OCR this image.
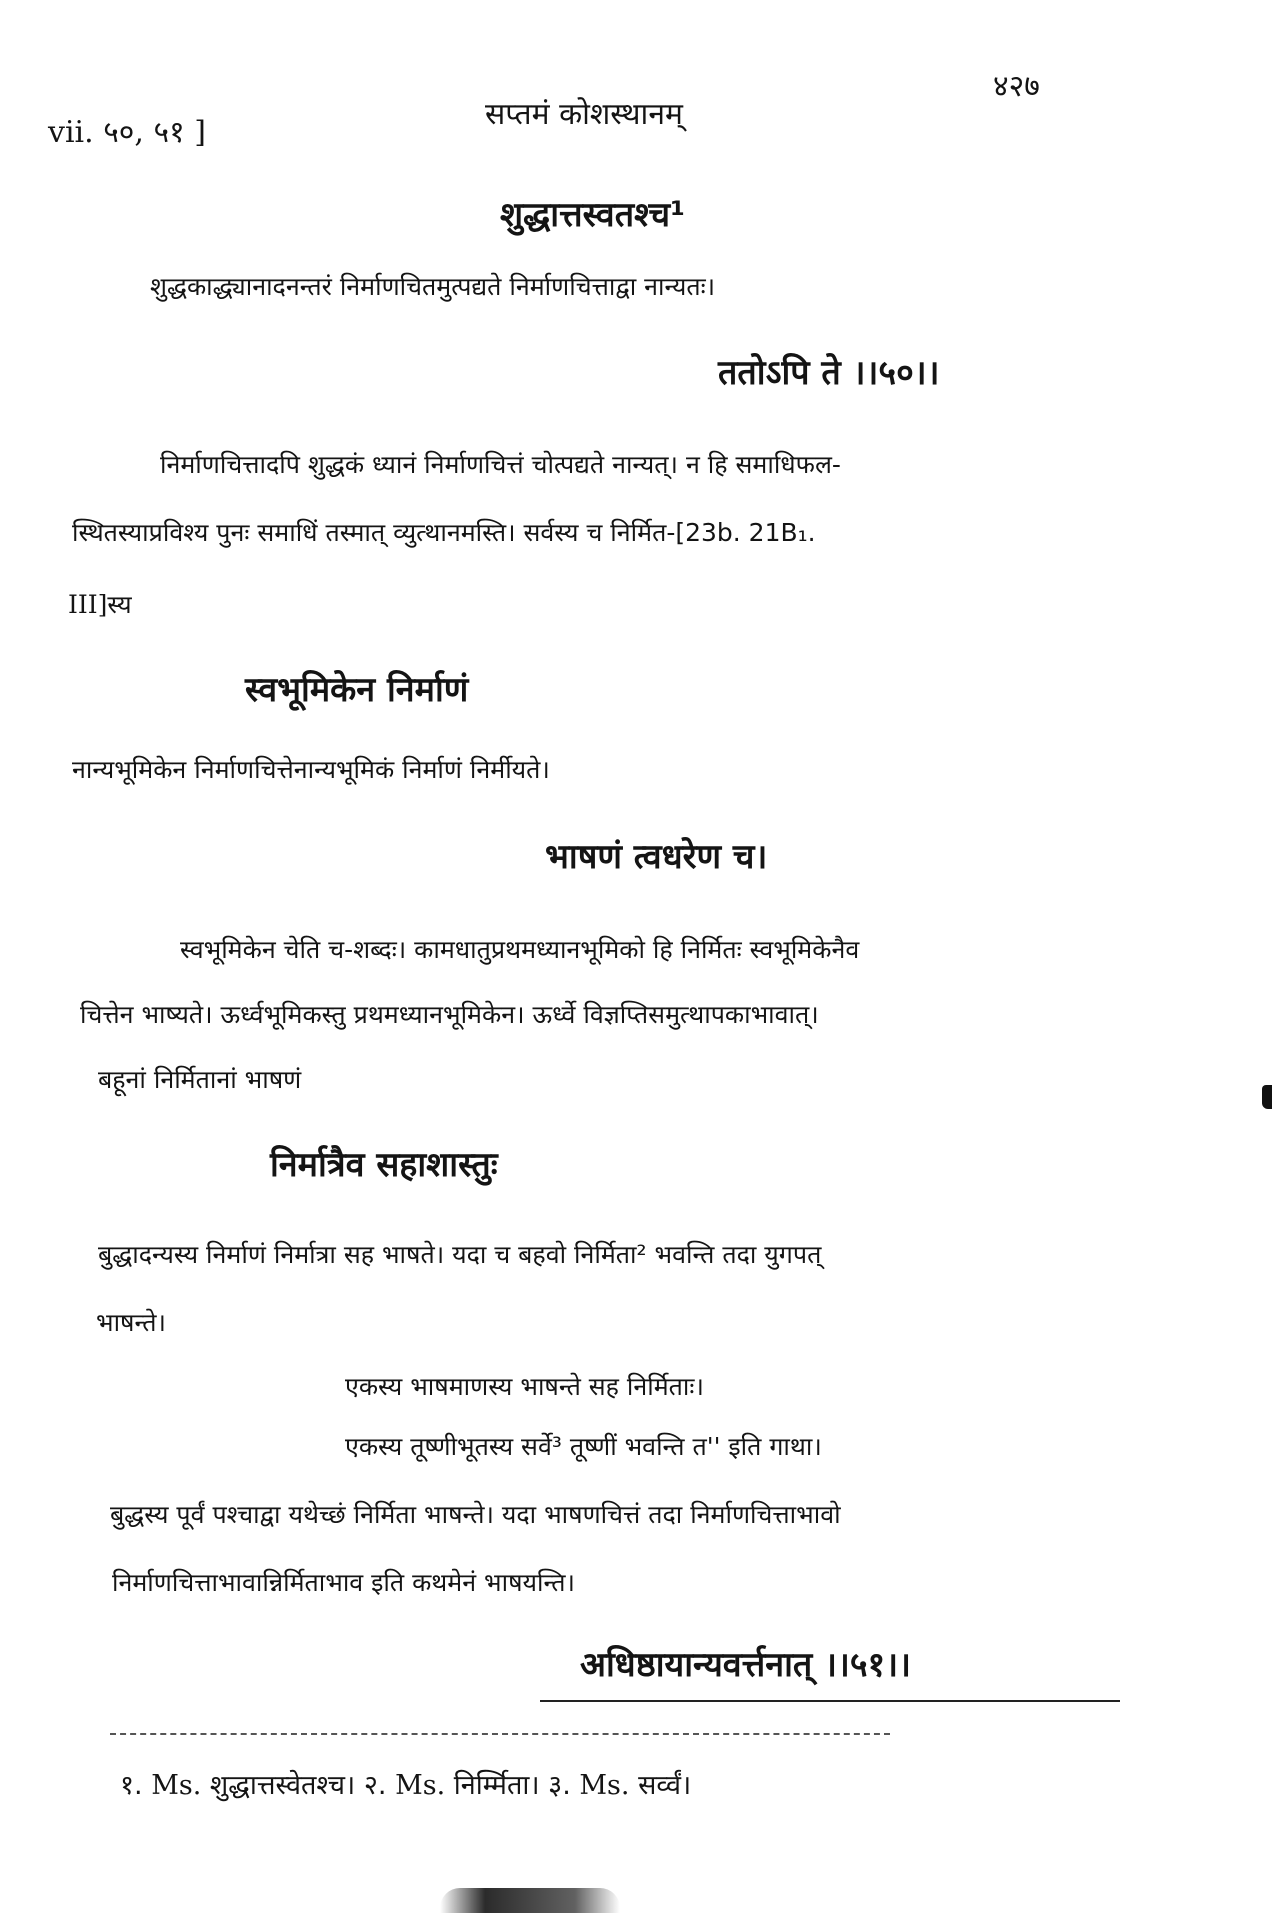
vii. ५०, ५१ ]
सप्तमं कोशस्थानम्
४२७
शुद्धात्तस्वतश्च¹
शुद्धकाद्ध्यानादनन्तरं निर्माणचितमुत्पद्यते निर्माणचित्ताद्वा नान्यतः।
ततोऽपि ते ।।५०।।
निर्माणचित्तादपि शुद्धकं ध्यानं निर्माणचित्तं चोत्पद्यते नान्यत्। न हि समाधिफल-
स्थितस्याप्रविश्य पुनः समाधिं तस्मात् व्युत्थानमस्ति। सर्वस्य च निर्मित-[23b. 21B₁.
III]स्य
स्वभूमिकेन निर्माणं
नान्यभूमिकेन निर्माणचित्तेनान्यभूमिकं निर्माणं निर्मीयते।
भाषणं त्वधरेण च।
स्वभूमिकेन चेति च-शब्दः। कामधातुप्रथमध्यानभूमिको हि निर्मितः स्वभूमिकेनैव
चित्तेन भाष्यते। ऊर्ध्वभूमिकस्तु प्रथमध्यानभूमिकेन। ऊर्ध्वे विज्ञप्तिसमुत्थापकाभावात्।
बहूनां निर्मितानां भाषणं
निर्मात्रैव सहाशास्तुः
बुद्धादन्यस्य निर्माणं निर्मात्रा सह भाषते। यदा च बहवो निर्मिता² भवन्ति तदा युगपत्
भाषन्ते।
एकस्य भाषमाणस्य भाषन्ते सह निर्मिताः।
एकस्य तूष्णीभूतस्य सर्वे³ तूष्णीं भवन्ति त'' इति गाथा।
बुद्धस्य पूर्वं पश्चाद्वा यथेच्छं निर्मिता भाषन्ते। यदा भाषणचित्तं तदा निर्माणचित्ताभावो
निर्माणचित्ताभावान्निर्मिताभाव इति कथमेनं भाषयन्ति।
अधिष्ठायान्यवर्त्तनात् ।।५१।।
१. Ms. शुद्धात्तस्वेतश्च। २. Ms. निर्म्मिता। ३. Ms. सर्व्वं।
